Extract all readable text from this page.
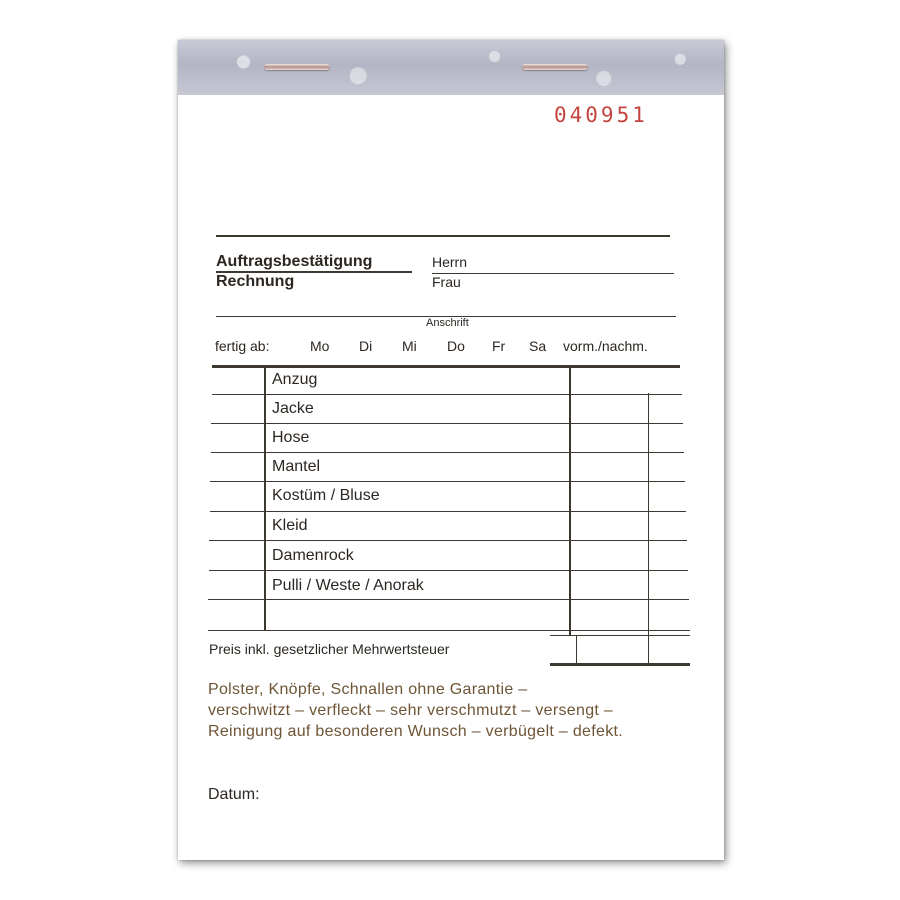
040951
Auftragsbestätigung
Rechnung
Herrn
Frau
Anschrift
fertig ab:	Mo Di Mi Do Fr Sa vorm./nachm.
Anzug
Jacke
Hose
Mantel
Kostüm / Bluse
Kleid
Damenrock
Pulli / Weste / Anorak
Preis inkl. gesetzlicher Mehrwertsteuer
Polster, Knöpfe, Schnallen ohne Garantie –
verschwitzt – verfleckt – sehr verschmutzt – versengt –
Reinigung auf besonderen Wunsch – verbügelt – defekt.
Datum:
